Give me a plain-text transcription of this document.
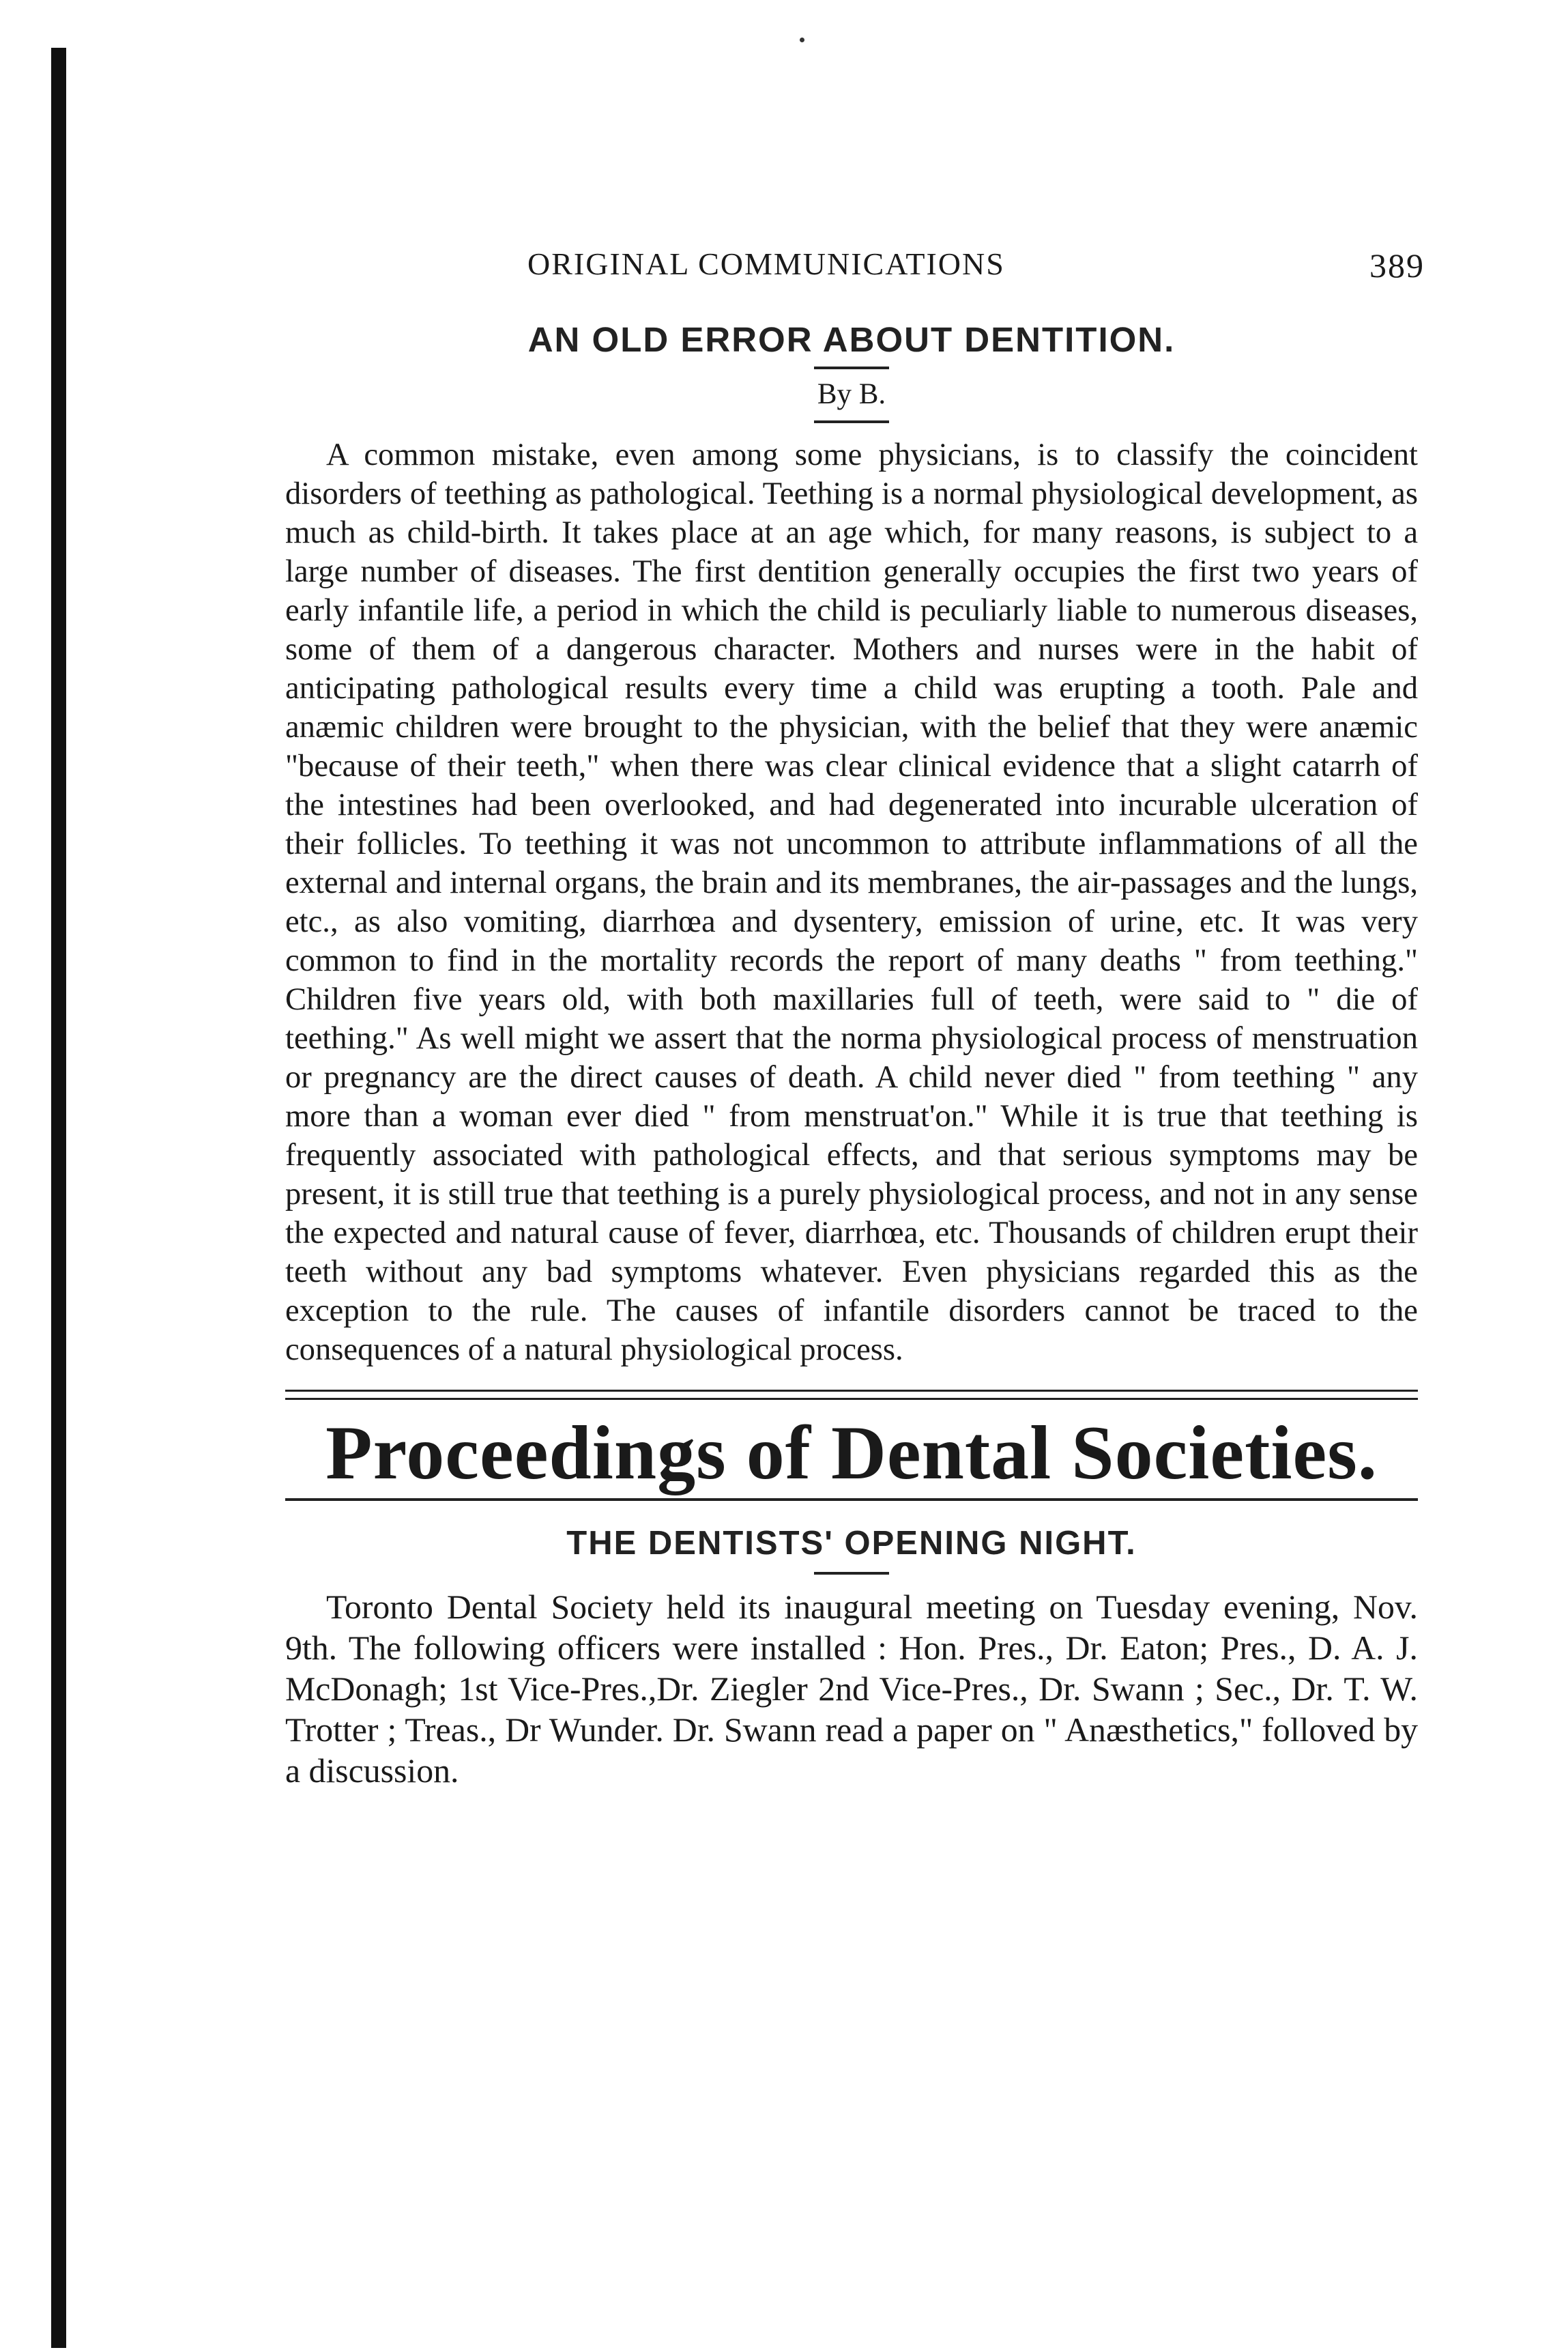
ORIGINAL COMMUNICATIONS	389
AN OLD ERROR ABOUT DENTITION.
By B.

A common mistake, even among some physicians, is to classify the coincident disorders of teething as pathological. Teething is a normal physiological development, as much as child-birth. It takes place at an age which, for many reasons, is subject to a large number of diseases. The first dentition generally occupies the first two years of early infantile life, a period in which the child is peculiarly liable to numerous diseases, some of them of a dangerous character. Mothers and nurses were in the habit of anticipating pathological results every time a child was erupting a tooth. Pale and anæmic children were brought to the physician, with the belief that they were anæmic "because of their teeth," when there was clear clinical evidence that a slight catarrh of the intestines had been overlooked, and had degenerated into incurable ulceration of their follicles. To teething it was not uncommon to attribute inflammations of all the external and internal organs, the brain and its membranes, the air-passages and the lungs, etc., as also vomiting, diarrhœa and dysentery, emission of urine, etc. It was very common to find in the mortality records the report of many deaths " from teething." Children five years old, with both maxillaries full of teeth, were said to " die of teething." As well might we assert that the norma physiological process of menstruation or pregnancy are the direct causes of death. A child never died " from teething " any more than a woman ever died " from menstruat'on." While it is true that teething is frequently associated with pathological effects, and that serious symptoms may be present, it is still true that teething is a purely physiological process, and not in any sense the expected and natural cause of fever, diarrhœa, etc. Thousands of children erupt their teeth without any bad symptoms whatever. Even physicians regarded this as the exception to the rule. The causes of infantile disorders cannot be traced to the consequences of a natural physiological process.

Proceedings of Dental Societies.
THE DENTISTS' OPENING NIGHT.

Toronto Dental Society held its inaugural meeting on Tuesday evening, Nov. 9th. The following officers were installed : Hon. Pres., Dr. Eaton; Pres., D. A. J. McDonagh; 1st Vice-Pres.,Dr. Ziegler 2nd Vice-Pres., Dr. Swann ; Sec., Dr. T. W. Trotter ; Treas., Dr Wunder. Dr. Swann read a paper on " Anæsthetics," folloved by a discussion.
